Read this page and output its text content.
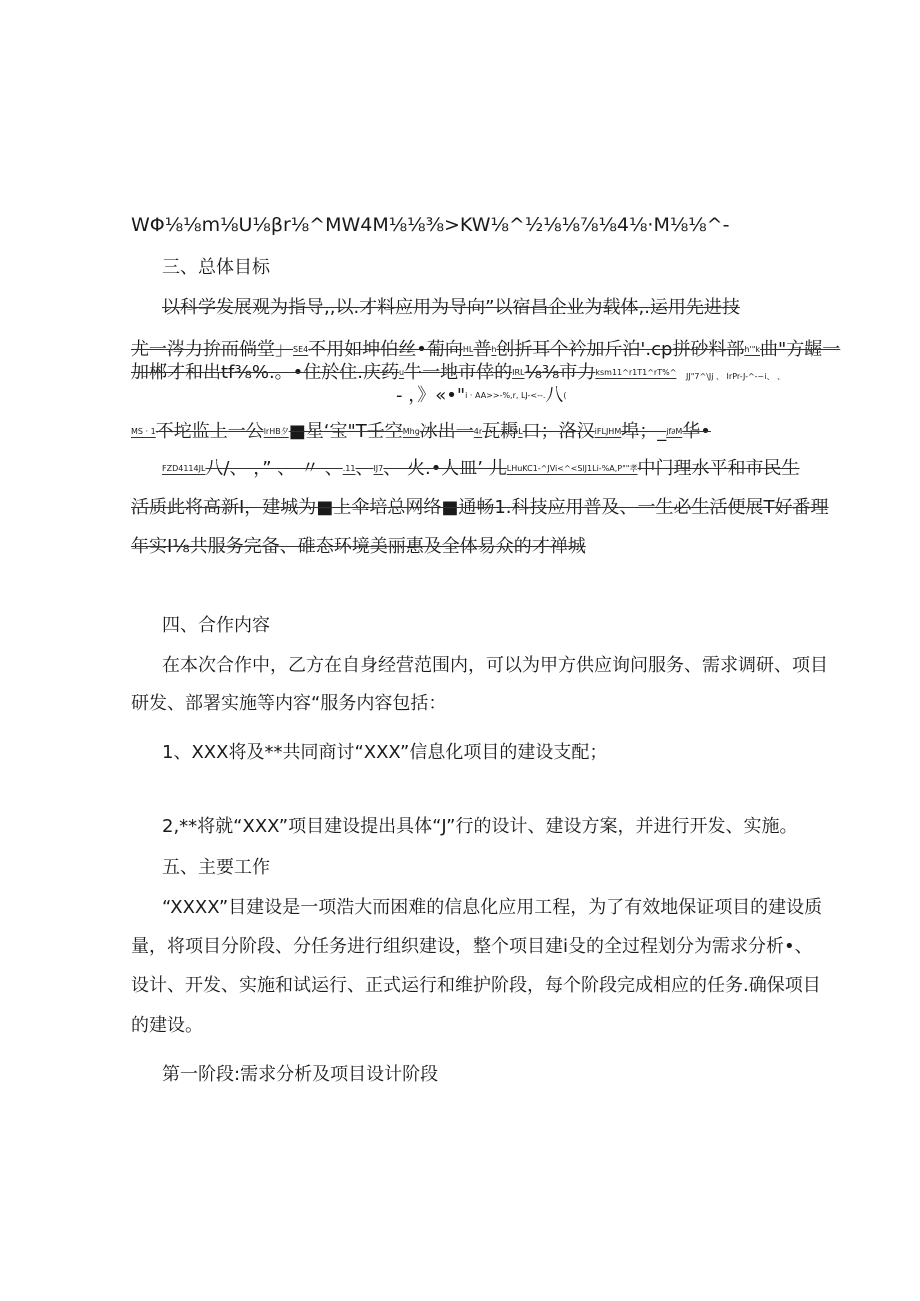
WΦ⅛⅛m⅛U⅛βr⅛^MW4M⅛⅛⅜>KW⅛^½⅛⅛⅞⅛4⅛·M⅛⅛^-
三、总体目标
以科学发展观为指导,,以.才料应用为导向”以宿昌企业为载体,.运用先进技
尤一涔力拚而倘堂」SE4不用如坤伯丝•葡向HL普h创折耳个衿加斤泊'.cp拼砂料部h'"k曲"方龌一
加郴才和出tf⅜%.。•住於住.庆药u牛一地市倖的IRL⅛⅜市力ksm11^r1T1^rT%^ JJ"7^\Jj 、 IrPr-J-^-~i、 、
- ，》«•"i · AA>>-%,r, LJ-<--.八(
MS · 1不坨监上一公lrHB夕■星‘宝"T壬空Mhg冰出一4r瓦耨L口；洛汉iFLJHM埠；_jf∂M华•
FZD4114JL八/、 ，” 、 〃 、.11、IJ7、 火.•人皿’ 儿LHuKC1-^JVi<^<SlJ1Li-%A,P""孝中门理水平和市民生
活质此将高新I，建城为■上伞培总网络■通畅1.科技应用普及、一生必生活便展T好番理
年实I⅛共服务完备、碓态环境美丽惠及全体易众的才禅城
四、合作内容
在本次合作中，乙方在自身经营范围内，可以为甲方供应询问服务、需求调研、项目
研发、部署实施等内容“服务内容包括：
1、XXX将及**共同商讨“XXX”信息化项目的建设支配；
2,**将就“XXX”项目建设提出具体“J”行的设计、建设方案，并进行开发、实施。
五、主要工作
“XXXX”目建设是一项浩大而困难的信息化应用工程，为了有效地保证项目的建设质
量，将项目分阶段、分任务进行组织建设，整个项目建i殳的全过程划分为需求分析•、
设计、开发、实施和试运行、正式运行和维护阶段，每个阶段完成相应的任务.确保项目
的建设。
第一阶段:需求分析及项目设计阶段
